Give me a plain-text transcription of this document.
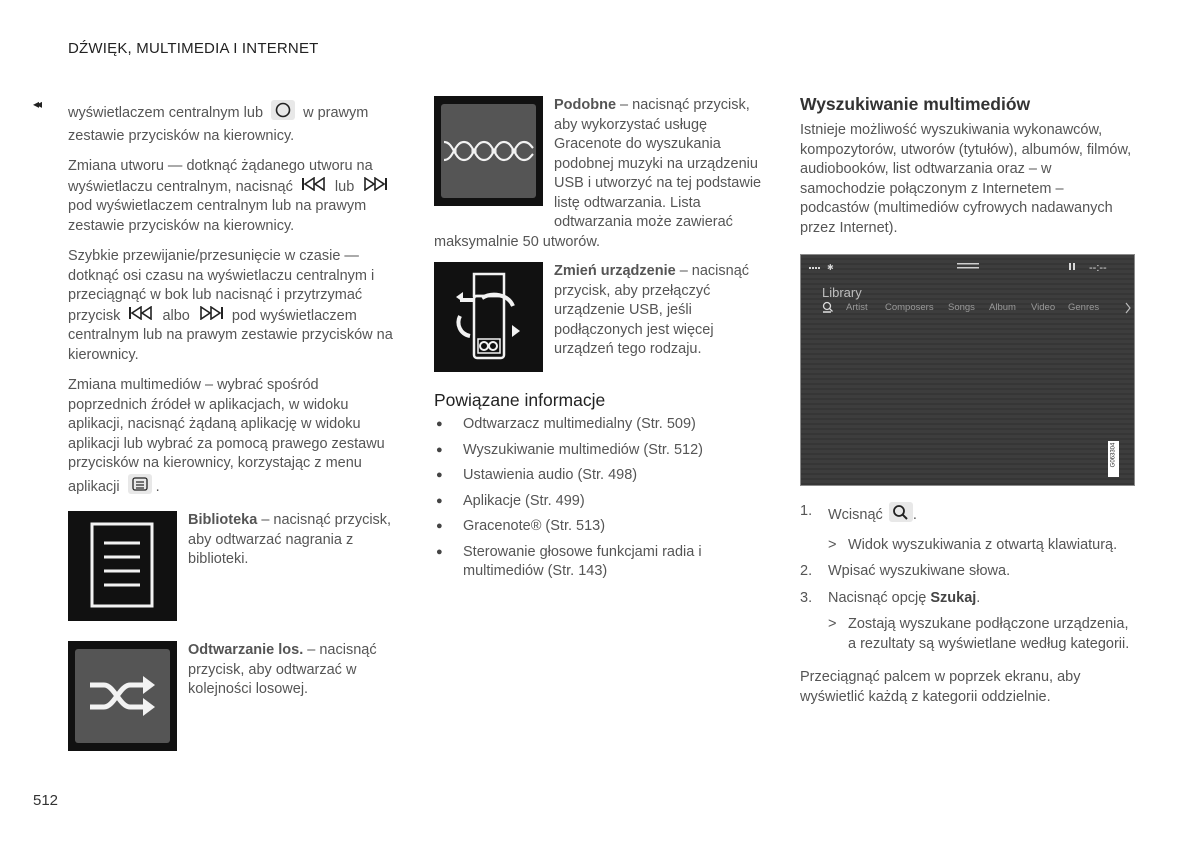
DŹWIĘK, MULTIMEDIA I INTERNET
◂◂

wyświetlaczem centralnym lub	w prawym zestawie przycisków na kierownicy.

Zmiana utworu — dotknąć żądanego utworu na wyświetlaczu centralnym, nacisnąć	lub  pod wyświetlaczem centralnym lub na prawym zestawie przycisków na kierownicy.

Szybkie przewijanie/przesunięcie w czasie — dotknąć osi czasu na wyświetlaczu centralnym i przeciągnąć w bok lub nacisnąć i przytrzymać przycisk	albo	pod wyświetlaczem centralnym lub na prawym zestawie przycisków na kierownicy.

Zmiana multimediów – wybrać spośród poprzednich źródeł w aplikacjach, w widoku aplikacji, nacisnąć żądaną aplikację w widoku aplikacji lub wybrać za pomocą prawego zestawu przycisków na kierownicy, korzystając z menu aplikacji .

Biblioteka – nacisnąć przycisk, aby odtwarzać nagrania z biblioteki.
Odtwarzanie los. – nacisnąć przycisk, aby odtwarzać w kolejności losowej.
Podobne – nacisnąć przycisk, aby wykorzystać usługę Gracenote do wyszukania podobnej muzyki na urządzeniu USB i utworzyć na tej podstawie listę odtwarzania. Lista odtwarzania może zawierać
maksymalnie 50 utworów.
Zmień urządzenie – nacisnąć przycisk, aby przełączyć urządzenie USB, jeśli podłączonych jest więcej urządzeń tego rodzaju.
Powiązane informacje
● Odtwarzacz multimedialny (Str. 509)
● Wyszukiwanie multimediów (Str. 512)
● Ustawienia audio (Str. 498)
● Aplikacje (Str. 499)
● Gracenote® (Str. 513)
● Sterowanie głosowe funkcjami radia i multimediów (Str. 143)
Wyszukiwanie multimediów

Istnieje możliwość wyszukiwania wykonawców, kompozytorów, utworów (tytułów), albumów, filmów, audiobooków, list odtwarzania oraz – w samochodzie połączonym z Internetem – podcastów (multimediów cyfrowych nadawanych przez Internet).

✱	--:--
Library
Artist Composers Songs Album Video Genres
G063304
1. Wcisnąć .
> Widok wyszukiwania z otwartą klawiaturą.
2. Wpisać wyszukiwane słowa.
3. Nacisnąć opcję Szukaj.
> Zostają wyszukane podłączone urządzenia, a rezultaty są wyświetlane według kategorii.

Przeciągnąć palcem w poprzek ekranu, aby wyświetlić każdą z kategorii oddzielnie.

512
